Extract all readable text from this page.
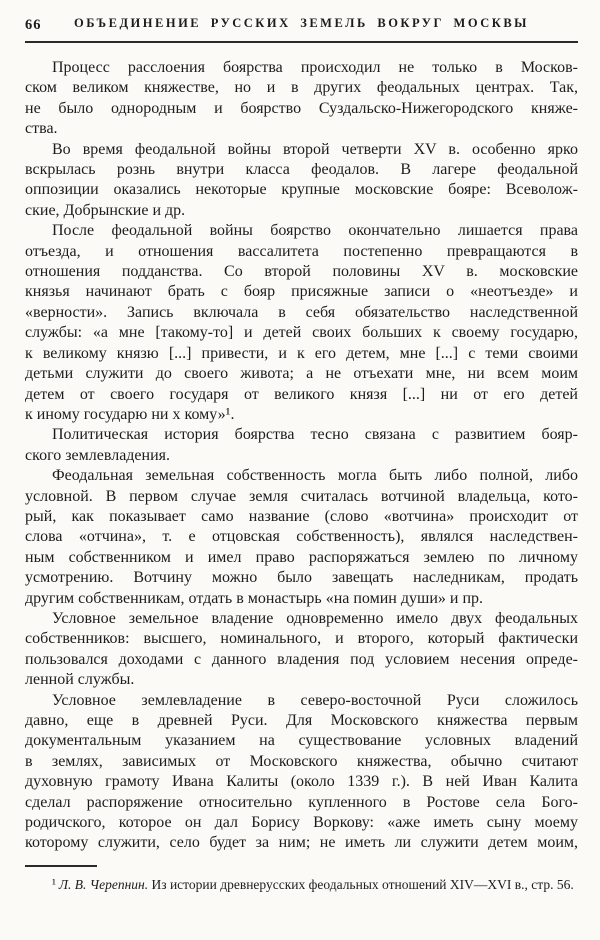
66	ОБЪЕДИНЕНИЕ РУССКИХ ЗЕМЕЛЬ ВОКРУГ МОСКВЫ

Процесс расслоения боярства происходил не только в Москов-
ском великом княжестве, но и в других феодальных центрах. Так,
не было однородным и боярство Суздальско-Нижегородского княже-
ства.

Во время феодальной войны второй четверти XV в. особенно ярко
вскрылась рознь внутри класса феодалов. В лагере феодальной
оппозиции оказались некоторые крупные московские бояре: Всеволож-
ские, Добрынские и др.

После феодальной войны боярство окончательно лишается права
отъезда, и отношения вассалитета постепенно превращаются в
отношения подданства. Со второй половины XV в. московские
князья начинают брать с бояр присяжные записи о «неотъезде» и
«верности». Запись включала в себя обязательство наследственной
службы: «а мне [такому-то] и детей своих больших к своему государю,
к великому князю [...] привести, и к его детем, мне [...] с теми своими
детьми служити до своего живота; а не отъехати мне, ни всем моим
детем от своего государя от великого князя [...] ни от его детей
к иному государю ни х кому»¹.

Политическая история боярства тесно связана с развитием бояр-
ского землевладения.

Феодальная земельная собственность могла быть либо полной, либо
условной. В первом случае земля считалась вотчиной владельца, кото-
рый, как показывает само название (слово «вотчина» происходит от
слова «отчина», т. е отцовская собственность), являлся наследствен-
ным собственником и имел право распоряжаться землею по личному
усмотрению. Вотчину можно было завещать наследникам, продать
другим собственникам, отдать в монастырь «на помин души» и пр.

Условное земельное владение одновременно имело двух феодальных
собственников: высшего, номинального, и второго, который фактически
пользовался доходами с данного владения под условием несения опреде-
ленной службы.

Условное землевладение в северо-восточной Руси сложилось
давно, еще в древней Руси. Для Московского княжества первым
документальным указанием на существование условных владений
в землях, зависимых от Московского княжества, обычно считают
духовную грамоту Ивана Калиты (около 1339 г.). В ней Иван Калита
сделал распоряжение относительно купленного в Ростове села Бого-
родичского, которое он дал Борису Воркову: «аже иметь сыну моему
которому служити, село будет за ним; не иметь ли служити детем моим,

¹ Л. В. Черепнин. Из истории древнерусских феодальных отношений XIV—XVI в., стр. 56.
